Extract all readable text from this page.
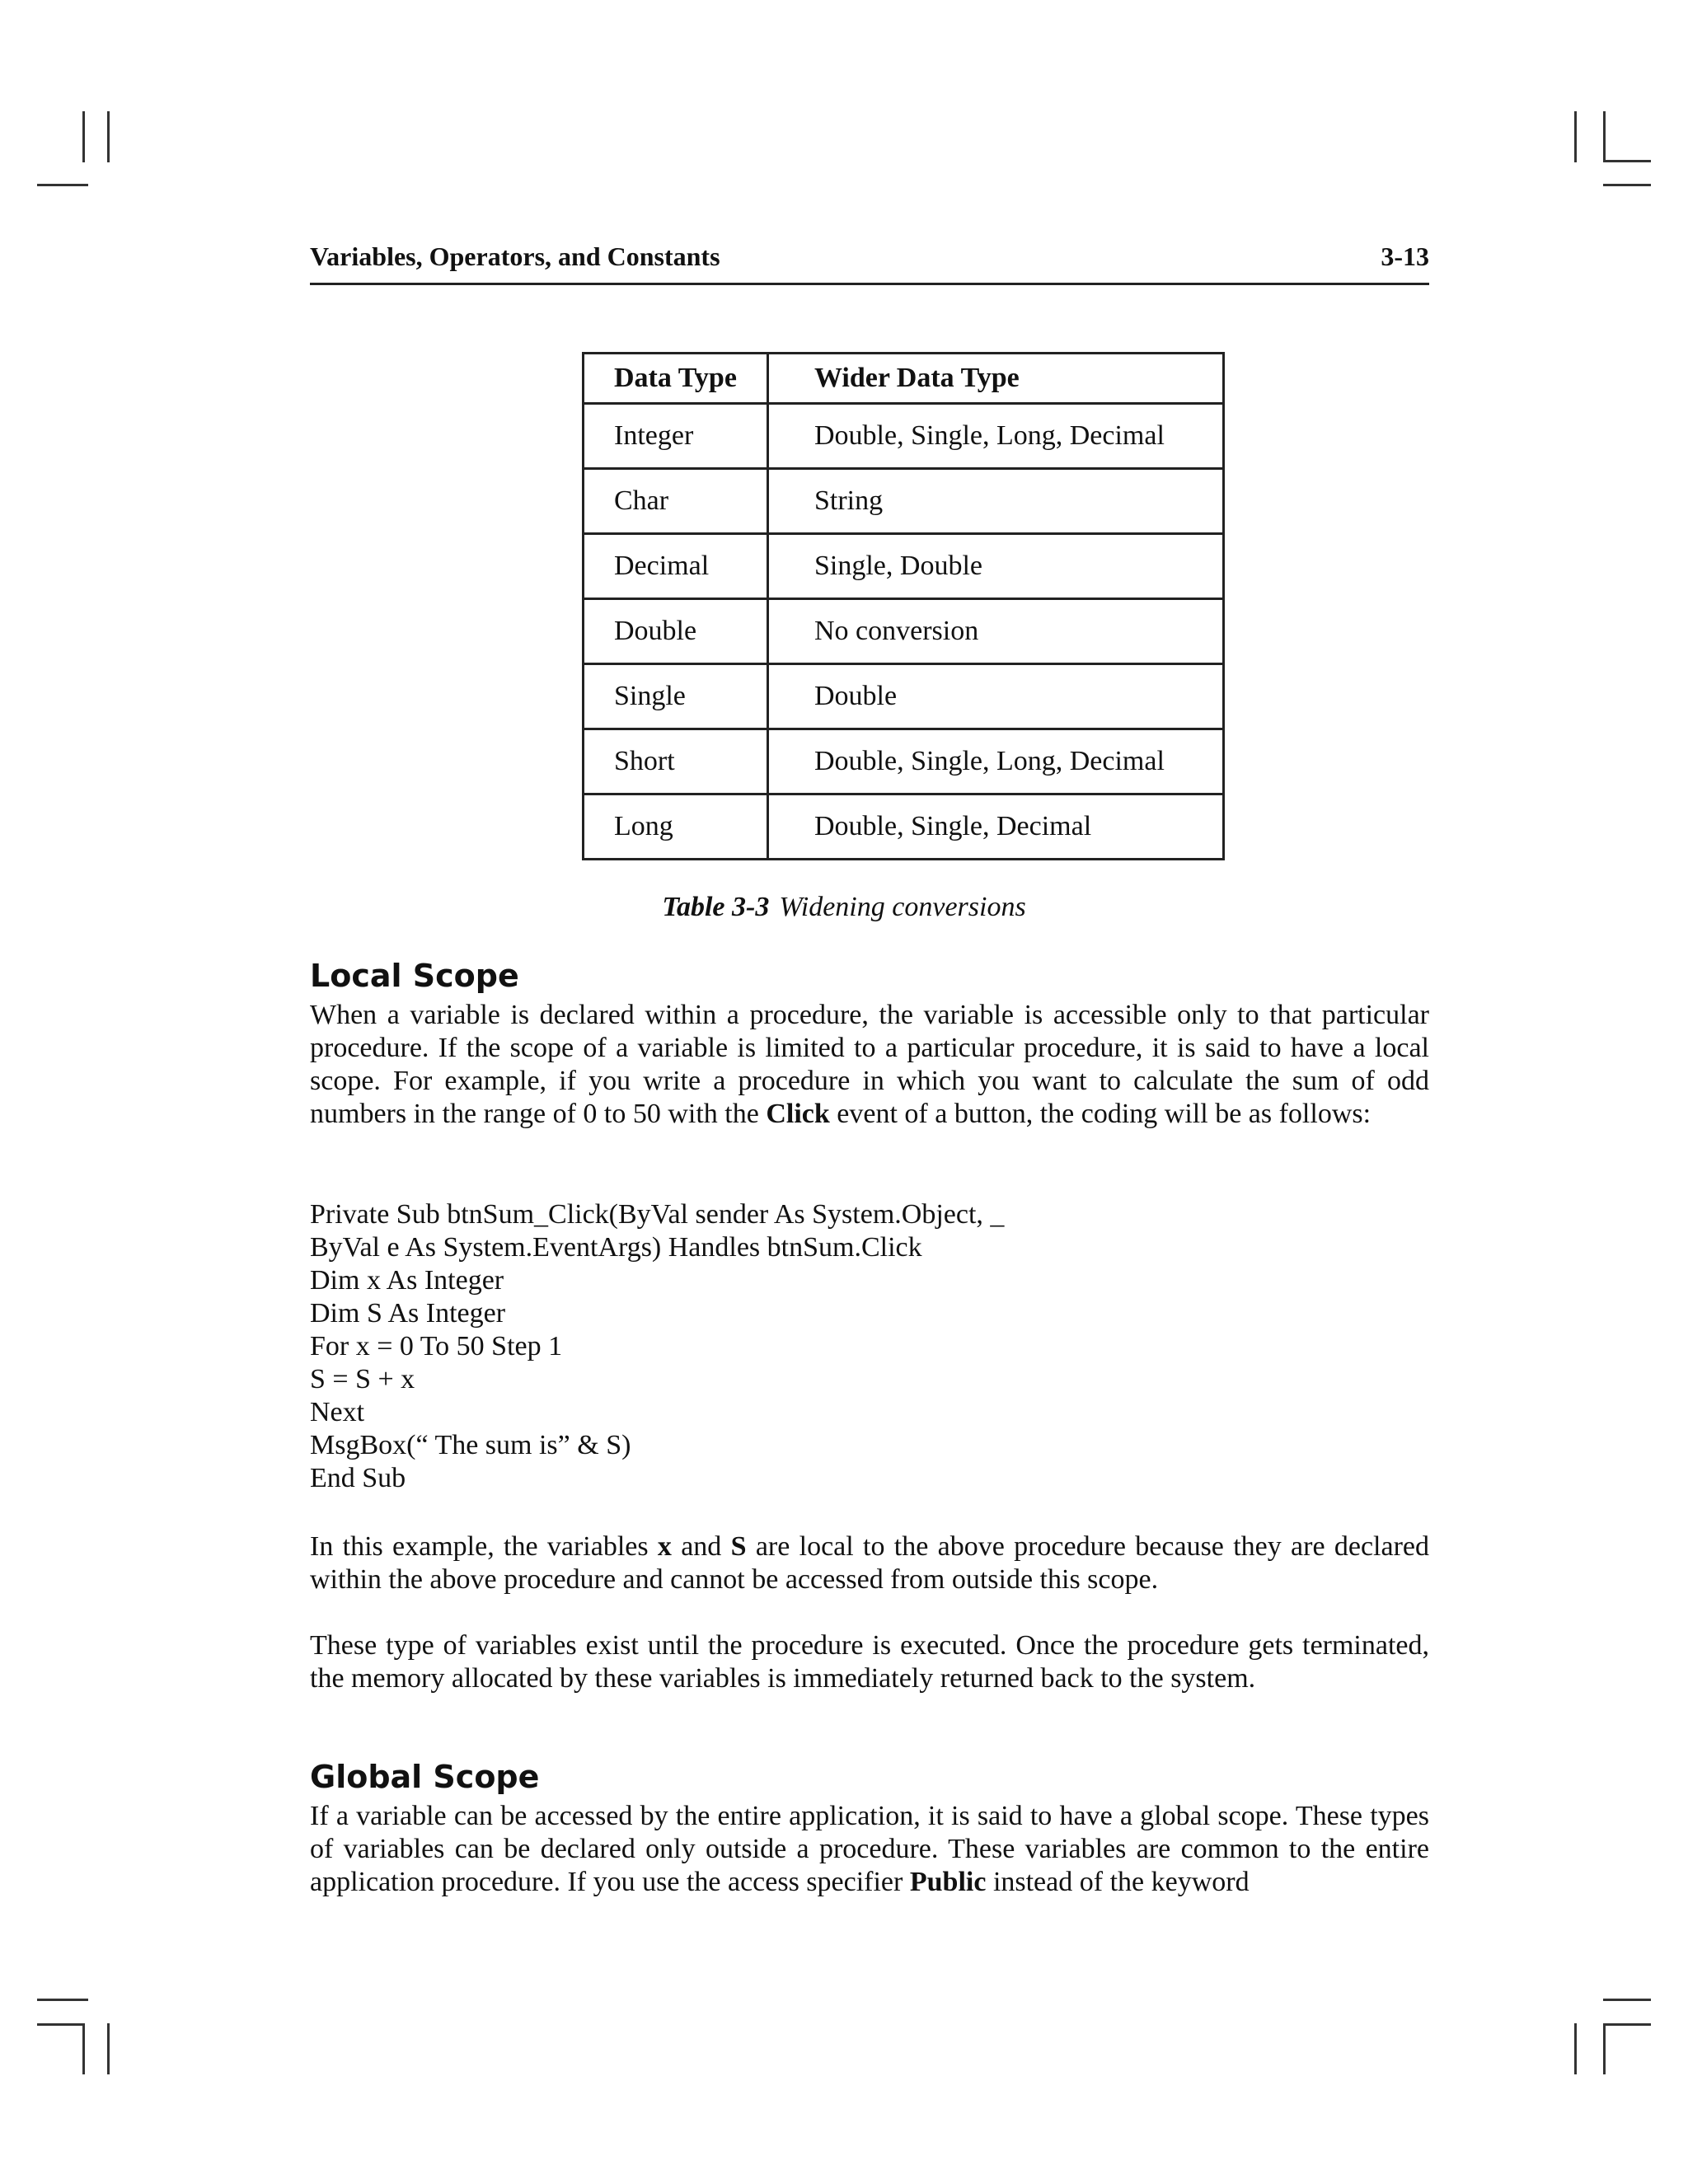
Variables, Operators, and Constants	3-13
Data Type	Wider Data Type
Integer	Double, Single, Long, Decimal
Char	String
Decimal	Single, Double
Double	No conversion
Single	Double
Short	Double, Single, Long, Decimal
Long	Double, Single, Decimal
Table 3-3 Widening conversions
Local Scope
When a variable is declared within a procedure, the variable is accessible only to that particular procedure. If the scope of a variable is limited to a particular procedure, it is said to have a local scope. For example, if you write a procedure in which you want to calculate the sum of odd numbers in the range of 0 to 50 with the Click event of a button, the coding will be as follows:
Private Sub btnSum_Click(ByVal sender As System.Object, _
ByVal e As System.EventArgs) Handles btnSum.Click
Dim x As Integer
Dim S As Integer
For x = 0 To 50 Step 1
S = S + x
Next
MsgBox(“ The sum is” & S)
End Sub
In this example, the variables x and S are local to the above procedure because they are declared within the above procedure and cannot be accessed from outside this scope.
These type of variables exist until the procedure is executed. Once the procedure gets terminated, the memory allocated by these variables is immediately returned back to the system.
Global Scope
If a variable can be accessed by the entire application, it is said to have a global scope. These types of variables can be declared only outside a procedure. These variables are common to the entire application procedure. If you use the access specifier Public instead of the keyword
